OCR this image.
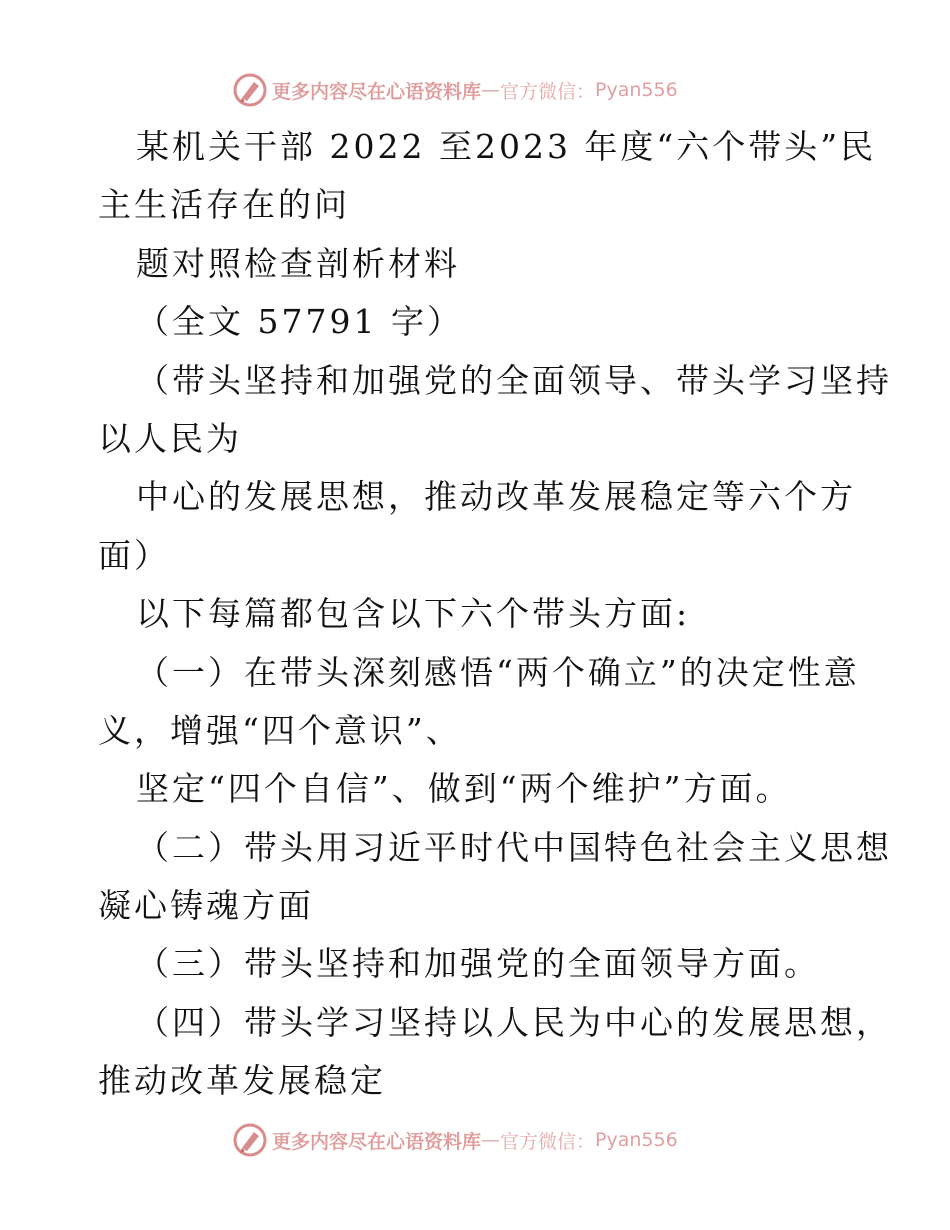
更多内容尽在心语资料库 — 官方微信： Pyan556
某机关干部 2022 至2023 年度“六个带头”民
主生活存在的问
题对照检查剖析材料
（全文 57791 字）
（带头坚持和加强党的全面领导、带头学习坚持
以人民为
中心的发展思想，推动改革发展稳定等六个方
面）
以下每篇都包含以下六个带头方面:
（一）在带头深刻感悟“两个确立”的决定性意
义，增强“四个意识”、
坚定“四个自信”、做到“两个维护”方面。
（二）带头用习近平时代中国特色社会主义思想
凝心铸魂方面
（三）带头坚持和加强党的全面领导方面。
（四）带头学习坚持以人民为中心的发展思想，
推动改革发展稳定
更多内容尽在心语资料库 — 官方微信： Pyan556
